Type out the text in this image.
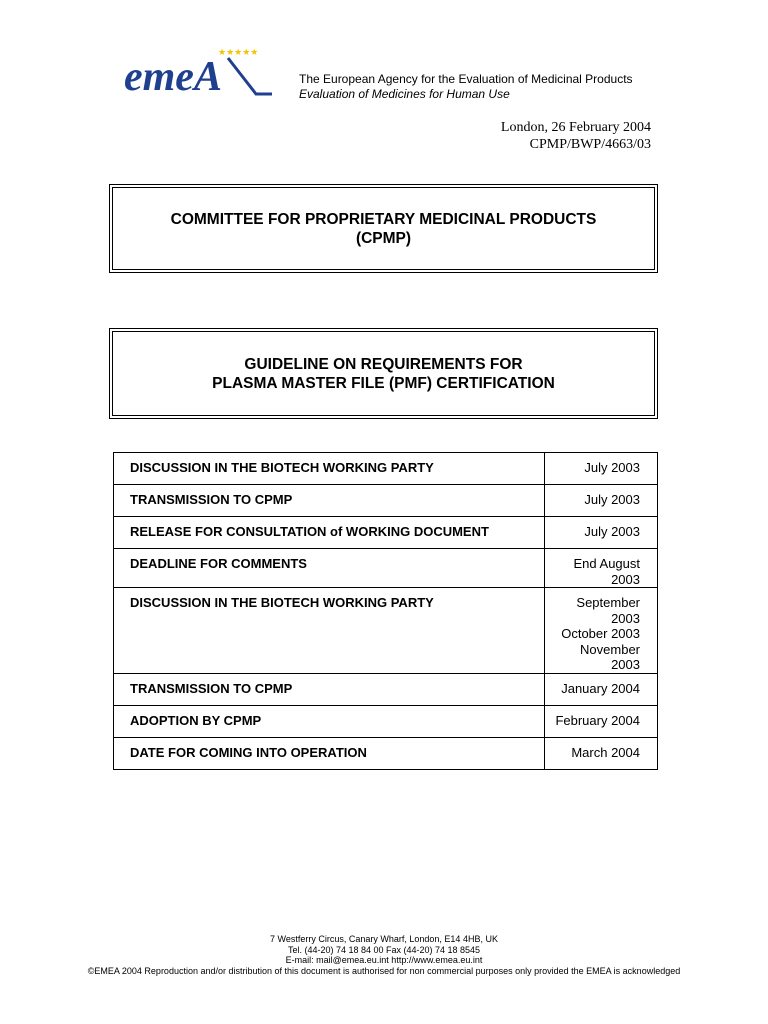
★★★★★
emeA	The European Agency for the Evaluation of Medicinal Products
Evaluation of Medicines for Human Use
London, 26 February 2004
CPMP/BWP/4663/03
COMMITTEE FOR PROPRIETARY MEDICINAL PRODUCTS
(CPMP)
GUIDELINE ON REQUIREMENTS FOR
PLASMA MASTER FILE (PMF) CERTIFICATION
DISCUSSION IN THE BIOTECH WORKING PARTY	July 2003

TRANSMISSION TO CPMP	July 2003

RELEASE FOR CONSULTATION of WORKING DOCUMENT	July 2003

DEADLINE FOR COMMENTS	End August 2003

DISCUSSION IN THE BIOTECH WORKING PARTY	September 2003
October 2003
November 2003

TRANSMISSION TO CPMP	January 2004

ADOPTION BY CPMP	February 2004

DATE FOR COMING INTO OPERATION	March 2004
7 Westferry Circus, Canary Wharf, London, E14 4HB, UK
Tel. (44-20) 74 18 84 00 Fax (44-20) 74 18 8545
E-mail: mail@emea.eu.int http://www.emea.eu.int
©EMEA 2004 Reproduction and/or distribution of this document is authorised for non commercial purposes only provided the EMEA is acknowledged
